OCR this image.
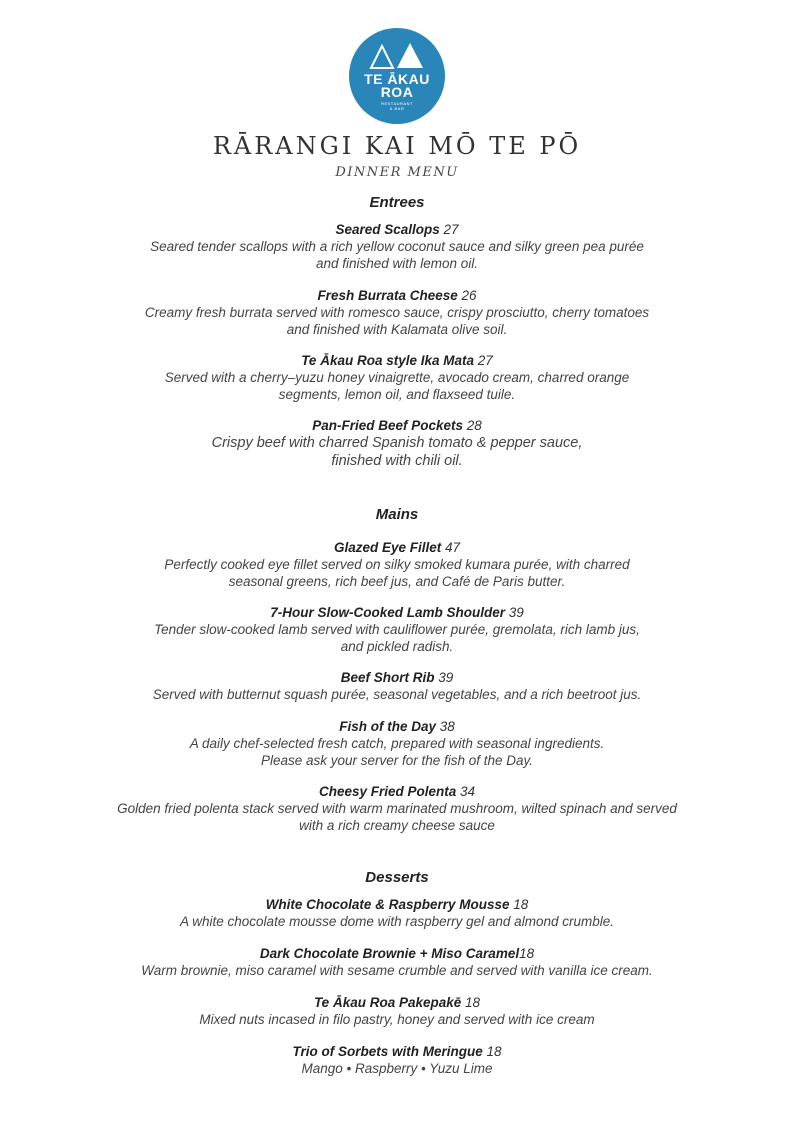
TE ĀKAU
ROA
RESTAURANT
& BAR
RĀRANGI KAI MŌ TE PŌ
DINNER MENU
Entrees
Seared Scallops 27
Seared tender scallops with a rich yellow coconut sauce and silky green pea purée
and finished with lemon oil.
Fresh Burrata Cheese 26
Creamy fresh burrata served with romesco sauce, crispy prosciutto, cherry tomatoes
and finished with Kalamata olive soil.
Te Ākau Roa style Ika Mata 27
Served with a cherry–yuzu honey vinaigrette, avocado cream, charred orange
segments, lemon oil, and flaxseed tuile.
Pan-Fried Beef Pockets 28
Crispy beef with charred Spanish tomato & pepper sauce,
finished with chili oil.
Mains
Glazed Eye Fillet 47
Perfectly cooked eye fillet served on silky smoked kumara purée, with charred
seasonal greens, rich beef jus, and Café de Paris butter.
7-Hour Slow-Cooked Lamb Shoulder 39
Tender slow-cooked lamb served with cauliflower purée, gremolata, rich lamb jus,
and pickled radish.
Beef Short Rib 39
Served with butternut squash purée, seasonal vegetables, and a rich beetroot jus.
Fish of the Day 38
A daily chef-selected fresh catch, prepared with seasonal ingredients.
Please ask your server for the fish of the Day.
Cheesy Fried Polenta 34
Golden fried polenta stack served with warm marinated mushroom, wilted spinach and served
with a rich creamy cheese sauce
Desserts
White Chocolate & Raspberry Mousse 18
A white chocolate mousse dome with raspberry gel and almond crumble.
Dark Chocolate Brownie + Miso Caramel18
Warm brownie, miso caramel with sesame crumble and served with vanilla ice cream.
Te Ākau Roa Pakepakē 18
Mixed nuts incased in filo pastry, honey and served with ice cream
Trio of Sorbets with Meringue 18
Mango • Raspberry • Yuzu Lime
